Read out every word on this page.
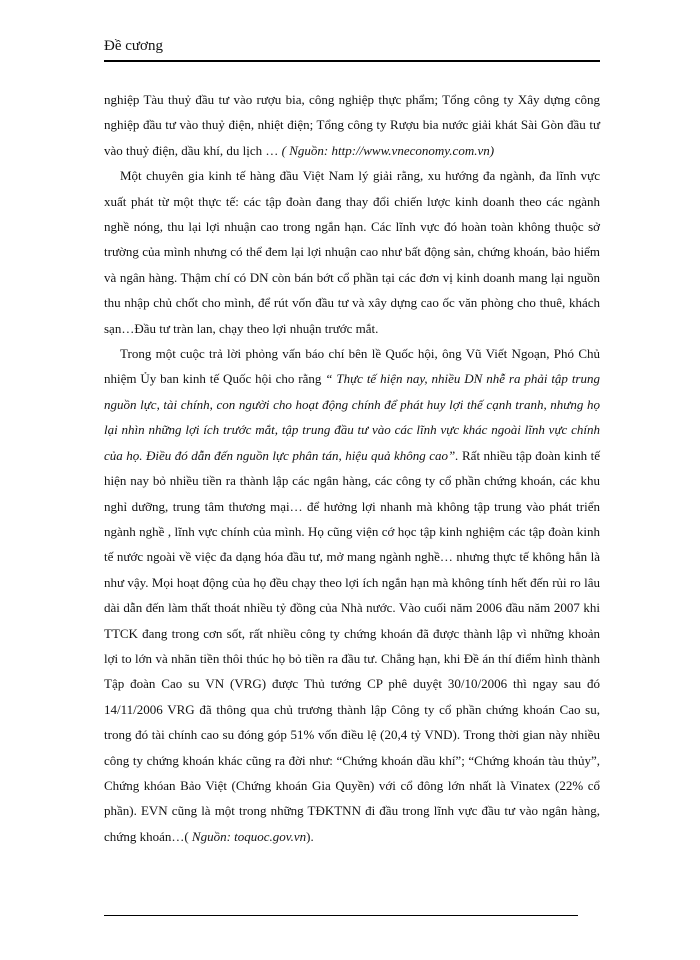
Đề cương

nghiệp Tàu thuỷ đầu tư vào rượu bia, công nghiệp thực phẩm; Tổng công ty Xây dựng công nghiệp đầu tư vào thuỷ điện, nhiệt điện; Tổng công ty Rượu bia nước giải khát Sài Gòn đầu tư vào thuỷ điện, dầu khí, du lịch … ( Nguồn: http://www.vneconomy.com.vn)

Một chuyên gia kinh tế hàng đầu Việt Nam lý giải rằng, xu hướng đa ngành, đa lĩnh vực xuất phát từ một thực tế: các tập đoàn đang thay đổi chiến lược kinh doanh theo các ngành nghề nóng, thu lại lợi nhuận cao trong ngắn hạn. Các lĩnh vực đó hoàn toàn không thuộc sở trường của mình nhưng có thể đem lại lợi nhuận cao như bất động sản, chứng khoán, bảo hiểm và ngân hàng. Thậm chí có DN còn bán bớt cổ phần tại các đơn vị kinh doanh mang lại nguồn thu nhập chủ chốt cho mình, để rút vốn đầu tư và xây dựng cao ốc văn phòng cho thuê, khách sạn…Đầu tư tràn lan, chạy theo lợi nhuận trước mắt.

Trong một cuộc trả lời phỏng vấn báo chí bên lề Quốc hội, ông Vũ Viết Ngoạn, Phó Chủ nhiệm Ủy ban kinh tế Quốc hội cho rằng “ Thực tế hiện nay, nhiều DN nhễ ra phải tập trung nguồn lực, tài chính, con người cho hoạt động chính để phát huy lợi thế cạnh tranh, nhưng họ lại nhìn những lợi ích trước mắt, tập trung đầu tư vào các lĩnh vực khác ngoài lĩnh vực chính của họ. Điều đó dẫn đến nguồn lực phân tán, hiệu quả không cao”. Rất nhiều tập đoàn kinh tế hiện nay bỏ nhiều tiền ra thành lập các ngân hàng, các công ty cổ phần chứng khoán, các khu nghỉ dưỡng, trung tâm thương mại… để hưởng lợi nhanh mà không tập trung vào phát triển ngành nghề , lĩnh vực chính của mình. Họ cũng viện cớ học tập kinh nghiệm các tập đoàn kinh tế nước ngoài về việc đa dạng hóa đầu tư, mở mang ngành nghề… nhưng thực tế không hẳn là như vậy. Mọi hoạt động của họ đều chạy theo lợi ích ngắn hạn mà không tính hết đến rủi ro lâu dài dẫn đến làm thất thoát nhiều tỷ đồng của Nhà nước. Vào cuối năm 2006 đầu năm 2007 khi TTCK đang trong cơn sốt, rất nhiều công ty chứng khoán đã được thành lập vì những khoản lợi to lớn và nhãn tiền thôi thúc họ bỏ tiền ra đầu tư. Chẳng hạn, khi Đề án thí điểm hình thành Tập đoàn Cao su VN (VRG) được Thủ tướng CP phê duyệt 30/10/2006 thì ngay sau đó 14/11/2006 VRG đã thông qua chủ trương thành lập Công ty cổ phần chứng khoán Cao su, trong đó tài chính cao su đóng góp 51% vốn điều lệ (20,4 tỷ VND). Trong thời gian này nhiều công ty chứng khoán khác cũng ra đời như: “Chứng khoán dầu khí”; “Chứng khoán tàu thủy”, Chứng khóan Bảo Việt (Chứng khoán Gia Quyền) với cổ đông lớn nhất là Vinatex (22% cổ phần). EVN cũng là một trong những TĐKTNN đi đầu trong lĩnh vực đầu tư vào ngân hàng, chứng khoán…( Nguồn: toquoc.gov.vn).
